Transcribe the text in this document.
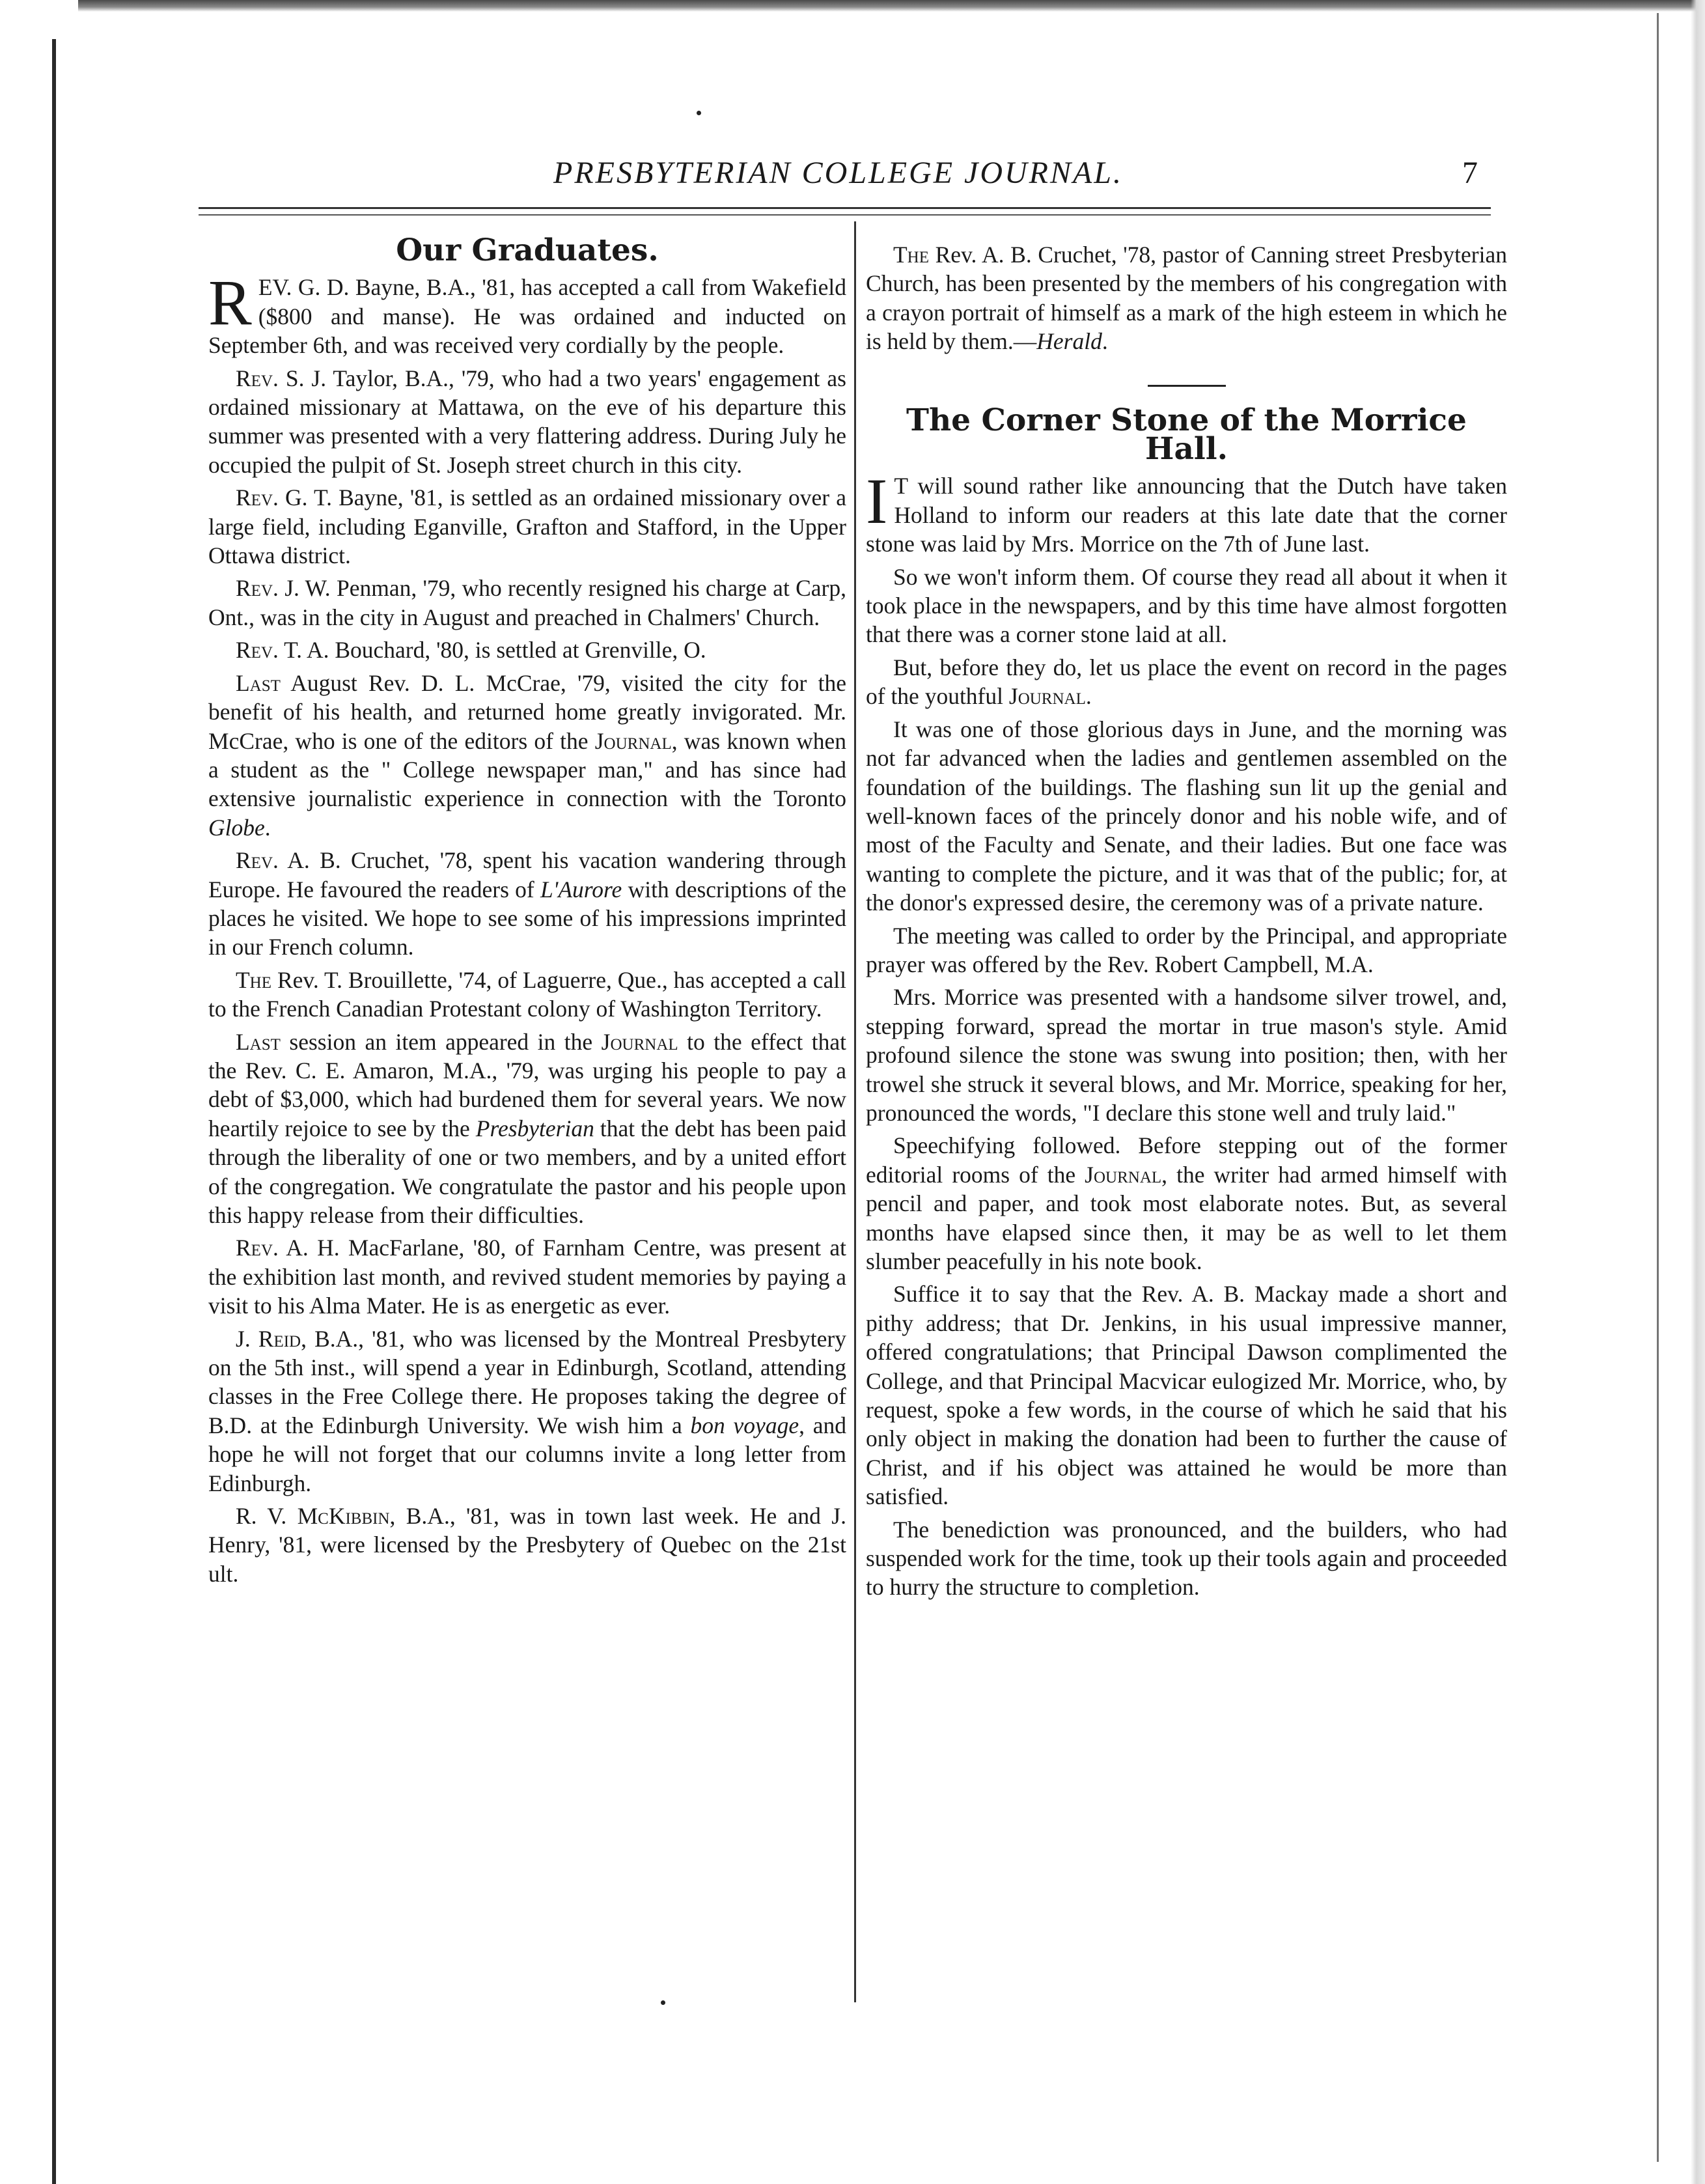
PRESBYTERIAN COLLEGE JOURNAL.	7
Our Graduates.

REV. G. D. Bayne, B.A., '81, has accepted a call from Wakefield ($800 and manse). He was ordained and inducted on September 6th, and was received very cordially by the people.

Rev. S. J. Taylor, B.A., '79, who had a two years' engagement as ordained missionary at Mattawa, on the eve of his departure this summer was presented with a very flattering address. During July he occupied the pulpit of St. Joseph street church in this city.

Rev. G. T. Bayne, '81, is settled as an ordained missionary over a large field, including Eganville, Grafton and Stafford, in the Upper Ottawa district.

Rev. J. W. Penman, '79, who recently resigned his charge at Carp, Ont., was in the city in August and preached in Chalmers' Church.

Rev. T. A. Bouchard, '80, is settled at Grenville, O.

Last August Rev. D. L. McCrae, '79, visited the city for the benefit of his health, and returned home greatly invigorated. Mr. McCrae, who is one of the editors of the Journal, was known when a student as the " College newspaper man," and has since had extensive journalistic experience in connection with the Toronto Globe.

Rev. A. B. Cruchet, '78, spent his vacation wandering through Europe. He favoured the readers of L'Aurore with descriptions of the places he visited. We hope to see some of his impressions imprinted in our French column.

The Rev. T. Brouillette, '74, of Laguerre, Que., has accepted a call to the French Canadian Protestant colony of Washington Territory.

Last session an item appeared in the Journal to the effect that the Rev. C. E. Amaron, M.A., '79, was urging his people to pay a debt of $3,000, which had burdened them for several years. We now heartily rejoice to see by the Presbyterian that the debt has been paid through the liberality of one or two members, and by a united effort of the congregation. We congratulate the pastor and his people upon this happy release from their difficulties.

Rev. A. H. MacFarlane, '80, of Farnham Centre, was present at the exhibition last month, and revived student memories by paying a visit to his Alma Mater. He is as energetic as ever.

J. Reid, B.A., '81, who was licensed by the Montreal Presbytery on the 5th inst., will spend a year in Edinburgh, Scotland, attending classes in the Free College there. He proposes taking the degree of B.D. at the Edinburgh University. We wish him a bon voyage, and hope he will not forget that our columns invite a long letter from Edinburgh.

R. V. McKibbin, B.A., '81, was in town last week. He and J. Henry, '81, were licensed by the Presbytery of Quebec on the 21st ult.

The Rev. A. B. Cruchet, '78, pastor of Canning street Presbyterian Church, has been presented by the members of his congregation with a crayon portrait of himself as a mark of the high esteem in which he is held by them.—Herald.

The Corner Stone of the Morrice Hall.

I T will sound rather like announcing that the Dutch have taken Holland to inform our readers at this late date that the corner stone was laid by Mrs. Morrice on the 7th of June last.

So we won't inform them. Of course they read all about it when it took place in the newspapers, and by this time have almost forgotten that there was a corner stone laid at all.

But, before they do, let us place the event on record in the pages of the youthful Journal.

It was one of those glorious days in June, and the morning was not far advanced when the ladies and gentlemen assembled on the foundation of the buildings. The flashing sun lit up the genial and well-known faces of the princely donor and his noble wife, and of most of the Faculty and Senate, and their ladies. But one face was wanting to complete the picture, and it was that of the public; for, at the donor's expressed desire, the ceremony was of a private nature.

The meeting was called to order by the Principal, and appropriate prayer was offered by the Rev. Robert Campbell, M.A.

Mrs. Morrice was presented with a handsome silver trowel, and, stepping forward, spread the mortar in true mason's style. Amid profound silence the stone was swung into position; then, with her trowel she struck it several blows, and Mr. Morrice, speaking for her, pronounced the words, "I declare this stone well and truly laid."

Speechifying followed. Before stepping out of the former editorial rooms of the Journal, the writer had armed himself with pencil and paper, and took most elaborate notes. But, as several months have elapsed since then, it may be as well to let them slumber peacefully in his note book.

Suffice it to say that the Rev. A. B. Mackay made a short and pithy address; that Dr. Jenkins, in his usual impressive manner, offered congratulations; that Principal Dawson complimented the College, and that Principal Macvicar eulogized Mr. Morrice, who, by request, spoke a few words, in the course of which he said that his only object in making the donation had been to further the cause of Christ, and if his object was attained he would be more than satisfied.

The benediction was pronounced, and the builders, who had suspended work for the time, took up their tools again and proceeded to hurry the structure to completion.
